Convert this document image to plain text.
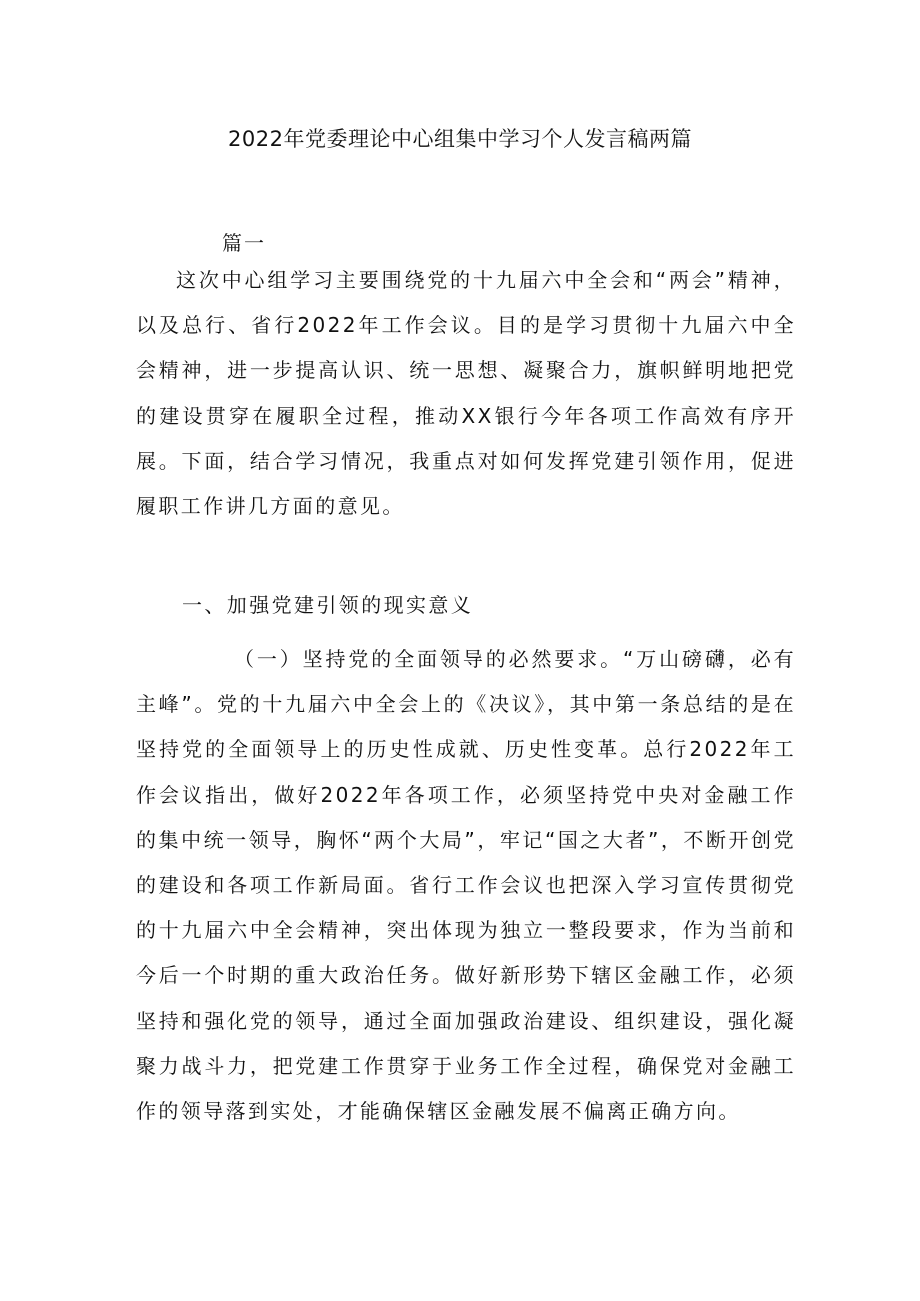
2022年党委理论中心组集中学习个人发言稿两篇

篇一

这次中心组学习主要围绕党的十九届六中全会和“两会”精神，以及总行、省行2022年工作会议。目的是学习贯彻十九届六中全会精神，进一步提高认识、统一思想、凝聚合力，旗帜鲜明地把党的建设贯穿在履职全过程，推动XX银行今年各项工作高效有序开展。下面，结合学习情况，我重点对如何发挥党建引领作用，促进履职工作讲几方面的意见。

一、加强党建引领的现实意义

（一）坚持党的全面领导的必然要求。“万山磅礴，必有主峰”。党的十九届六中全会上的《决议》，其中第一条总结的是在坚持党的全面领导上的历史性成就、历史性变革。总行2022年工作会议指出，做好2022年各项工作，必须坚持党中央对金融工作的集中统一领导，胸怀“两个大局”，牢记“国之大者”，不断开创党的建设和各项工作新局面。省行工作会议也把深入学习宣传贯彻党的十九届六中全会精神，突出体现为独立一整段要求，作为当前和今后一个时期的重大政治任务。做好新形势下辖区金融工作，必须坚持和强化党的领导，通过全面加强政治建设、组织建设，强化凝聚力战斗力，把党建工作贯穿于业务工作全过程，确保党对金融工作的领导落到实处，才能确保辖区金融发展不偏离正确方向。
